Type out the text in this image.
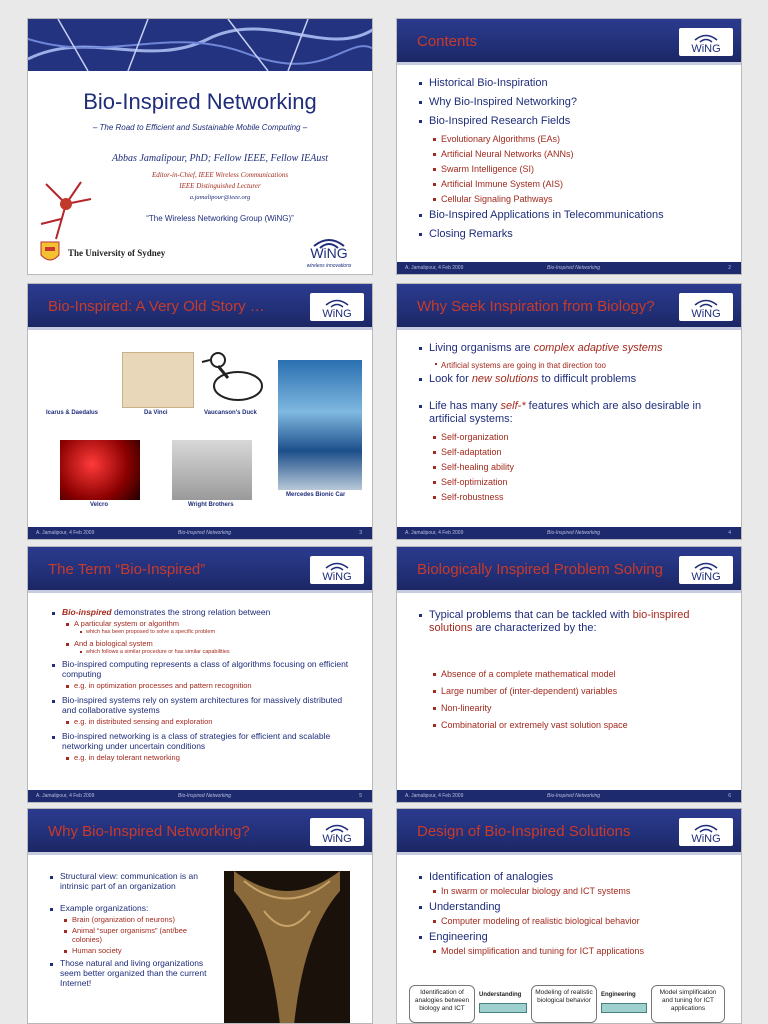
Bio-Inspired Networking
– The Road to Efficient and Sustainable Mobile Computing –
Abbas Jamalipour, PhD; Fellow IEEE, Fellow IEAust
Editor-in-Chief, IEEE Wireless Communications
IEEE Distinguished Lecturer
a.jamalipour@ieee.org
“The Wireless Networking Group (WiNG)”
The University of Sydney	WiNG
wireless innovations
Contents	WiNG
Historical Bio-Inspiration
Why Bio-Inspired Networking?
Bio-Inspired Research Fields
Evolutionary Algorithms (EAs)
Artificial Neural Networks (ANNs)
Swarm Intelligence (SI)
Artificial Immune System (AIS)
Cellular Signaling Pathways
Bio-Inspired Applications in Telecommunications
Closing Remarks
A. Jamalipour, 4 Feb 2009	Bio-Inspired Networking	2
Bio-Inspired: A Very Old Story …	WiNG
Icarus & Daedalus	Da Vinci	Vaucanson’s Duck
Velcro	Wright Brothers
Mercedes Bionic Car
A. Jamalipour, 4 Feb 2009	Bio-Inspired Networking	3
Why Seek Inspiration from Biology?	WiNG
Living organisms are complex adaptive systems
Artificial systems are going in that direction too
Look for new solutions to difficult problems
Life has many self-* features which are also desirable in artificial systems:
Self-organization
Self-adaptation
Self-healing ability
Self-optimization
Self-robustness
A. Jamalipour, 4 Feb 2009	Bio-Inspired Networking	4
The Term “Bio-Inspired”	WiNG
Bio-inspired demonstrates the strong relation between
A particular system or algorithm
which has been proposed to solve a specific problem
And a biological system
which follows a similar procedure or has similar capabilities
Bio-inspired computing represents a class of algorithms focusing on efficient computing
e.g. in optimization processes and pattern recognition
Bio-inspired systems rely on system architectures for massively distributed and collaborative systems
e.g. in distributed sensing and exploration
Bio-inspired networking is a class of strategies for efficient and scalable networking under uncertain conditions
e.g. in delay tolerant networking
A. Jamalipour, 4 Feb 2009	Bio-Inspired Networking	5
Biologically Inspired Problem Solving	WiNG
Typical problems that can be tackled with bio-inspired solutions are characterized by the:
Absence of a complete mathematical model
Large number of (inter-dependent) variables
Non-linearity
Combinatorial or extremely vast solution space
A. Jamalipour, 4 Feb 2009	Bio-Inspired Networking	6
Why Bio-Inspired Networking?	WiNG
Structural view: communication is an intrinsic part of an organization
Example organizations:
Brain (organization of neurons)
Animal “super organisms” (ant/bee colonies)
Human society
Those natural and living organizations seem better organized than the current Internet!
Design of Bio-Inspired Solutions	WiNG
Identification of analogies
In swarm or molecular biology and ICT systems
Understanding
Computer modeling of realistic biological behavior
Engineering
Model simplification and tuning for ICT applications
Identification of analogies between biology and ICT
Understanding	Modeling of realistic biological behavior
Engineering	Model simplification and tuning for ICT applications
